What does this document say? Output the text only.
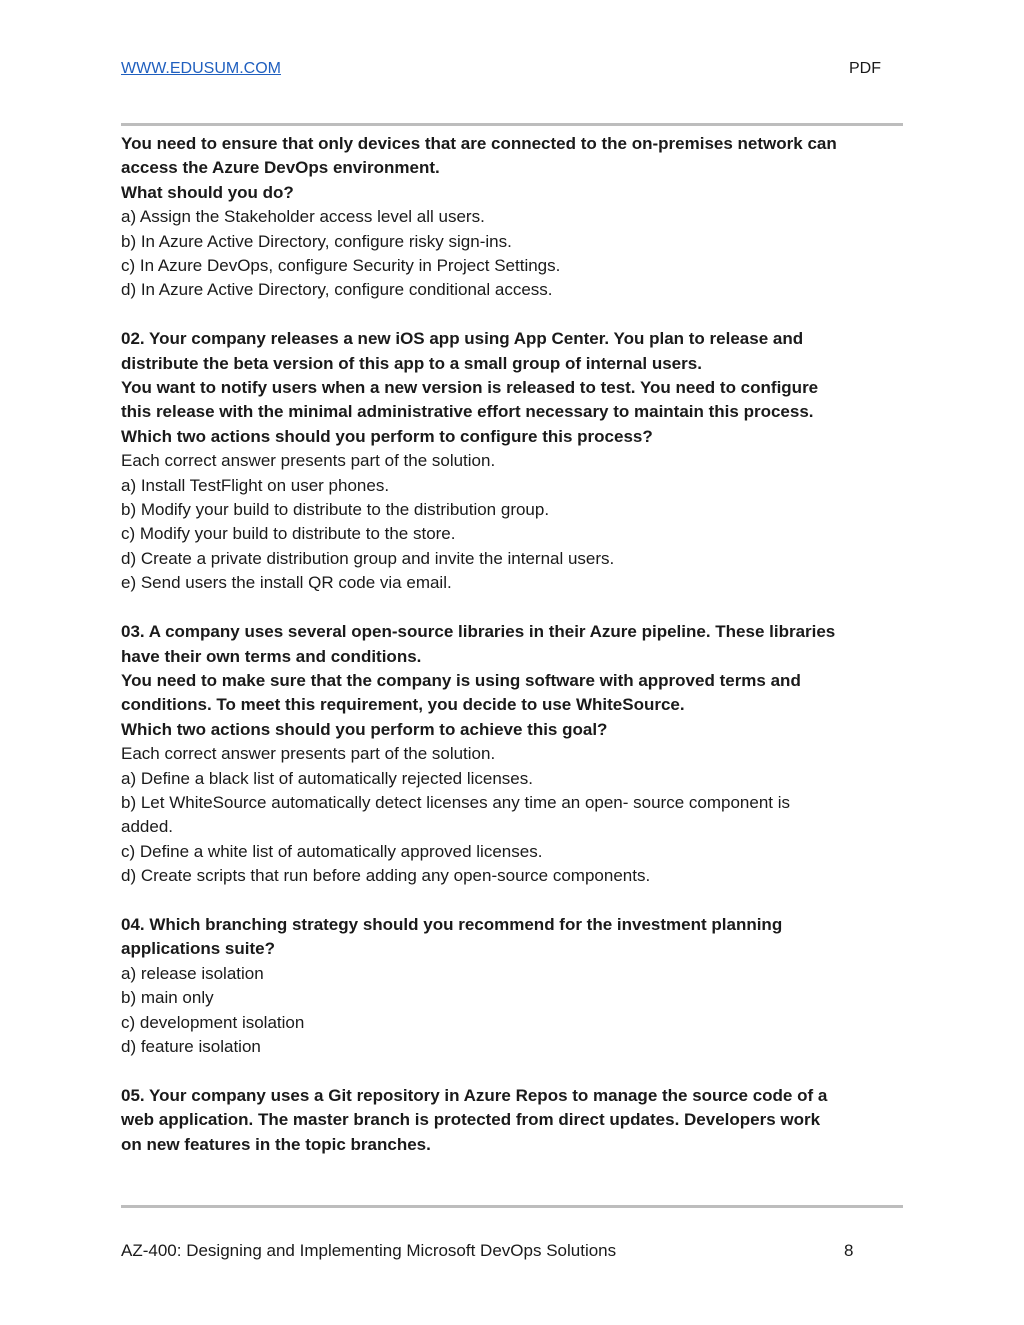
WWW.EDUSUM.COM	PDF
You need to ensure that only devices that are connected to the on-premises network can
access the Azure DevOps environment.
What should you do?
a) Assign the Stakeholder access level all users.
b) In Azure Active Directory, configure risky sign-ins.
c) In Azure DevOps, configure Security in Project Settings.
d) In Azure Active Directory, configure conditional access.
02. Your company releases a new iOS app using App Center. You plan to release and
distribute the beta version of this app to a small group of internal users.
You want to notify users when a new version is released to test. You need to configure
this release with the minimal administrative effort necessary to maintain this process.
Which two actions should you perform to configure this process?
Each correct answer presents part of the solution.
a) Install TestFlight on user phones.
b) Modify your build to distribute to the distribution group.
c) Modify your build to distribute to the store.
d) Create a private distribution group and invite the internal users.
e) Send users the install QR code via email.
03. A company uses several open-source libraries in their Azure pipeline. These libraries
have their own terms and conditions.
You need to make sure that the company is using software with approved terms and
conditions. To meet this requirement, you decide to use WhiteSource.
Which two actions should you perform to achieve this goal?
Each correct answer presents part of the solution.
a) Define a black list of automatically rejected licenses.
b) Let WhiteSource automatically detect licenses any time an open- source component is
added.
c) Define a white list of automatically approved licenses.
d) Create scripts that run before adding any open-source components.
04. Which branching strategy should you recommend for the investment planning
applications suite?
a) release isolation
b) main only
c) development isolation
d) feature isolation
05. Your company uses a Git repository in Azure Repos to manage the source code of a
web application. The master branch is protected from direct updates. Developers work
on new features in the topic branches.
AZ-400: Designing and Implementing Microsoft DevOps Solutions	8
